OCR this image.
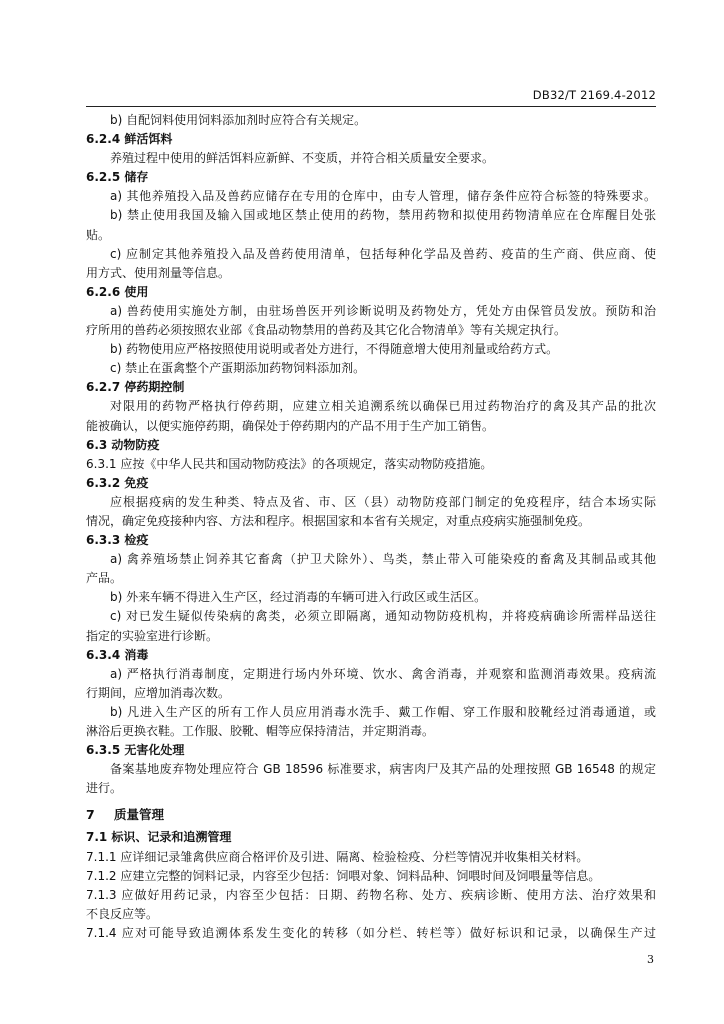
DB32/T 2169.4-2012

b) 自配饲料使用饲料添加剂时应符合有关规定。

6.2.4 鲜活饵料

养殖过程中使用的鲜活饵料应新鲜、不变质，并符合相关质量安全要求。

6.2.5 储存

a) 其他养殖投入品及兽药应储存在专用的仓库中，由专人管理，储存条件应符合标签的特殊要求。

b) 禁止使用我国及输入国或地区禁止使用的药物，禁用药物和拟使用药物清单应在仓库醒目处张

贴。

c) 应制定其他养殖投入品及兽药使用清单，包括每种化学品及兽药、疫苗的生产商、供应商、使

用方式、使用剂量等信息。

6.2.6 使用

a) 兽药使用实施处方制，由驻场兽医开列诊断说明及药物处方，凭处方由保管员发放。预防和治

疗所用的兽药必须按照农业部《食品动物禁用的兽药及其它化合物清单》等有关规定执行。

b) 药物使用应严格按照使用说明或者处方进行，不得随意增大使用剂量或给药方式。

c) 禁止在蛋禽整个产蛋期添加药物饲料添加剂。

6.2.7 停药期控制

对限用的药物严格执行停药期，应建立相关追溯系统以确保已用过药物治疗的禽及其产品的批次

能被确认，以便实施停药期，确保处于停药期内的产品不用于生产加工销售。

6.3 动物防疫

6.3.1 应按《中华人民共和国动物防疫法》的各项规定，落实动物防疫措施。

6.3.2 免疫

应根据疫病的发生种类、特点及省、市、区（县）动物防疫部门制定的免疫程序，结合本场实际

情况，确定免疫接种内容、方法和程序。根据国家和本省有关规定，对重点疫病实施强制免疫。

6.3.3 检疫

a) 禽养殖场禁止饲养其它畜禽（护卫犬除外）、鸟类，禁止带入可能染疫的畜禽及其制品或其他

产品。

b) 外来车辆不得进入生产区，经过消毒的车辆可进入行政区或生活区。

c) 对已发生疑似传染病的禽类，必须立即隔离，通知动物防疫机构，并将疫病确诊所需样品送往

指定的实验室进行诊断。

6.3.4 消毒

a) 严格执行消毒制度，定期进行场内外环境、饮水、禽舍消毒，并观察和监测消毒效果。疫病流

行期间，应增加消毒次数。

b) 凡进入生产区的所有工作人员应用消毒水洗手、戴工作帽、穿工作服和胶靴经过消毒通道，或

淋浴后更换衣鞋。工作服、胶靴、帽等应保持清洁，并定期消毒。

6.3.5 无害化处理

备案基地废弃物处理应符合 GB 18596 标准要求，病害肉尸及其产品的处理按照 GB 16548 的规定

进行。

7 质量管理

7.1 标识、记录和追溯管理

7.1.1 应详细记录雏禽供应商合格评价及引进、隔离、检验检疫、分栏等情况并收集相关材料。

7.1.2 应建立完整的饲料记录，内容至少包括：饲喂对象、饲料品种、饲喂时间及饲喂量等信息。

7.1.3 应做好用药记录，内容至少包括：日期、药物名称、处方、疾病诊断、使用方法、治疗效果和

不良反应等。

7.1.4 应对可能导致追溯体系发生变化的转移（如分栏、转栏等）做好标识和记录，以确保生产过

3
